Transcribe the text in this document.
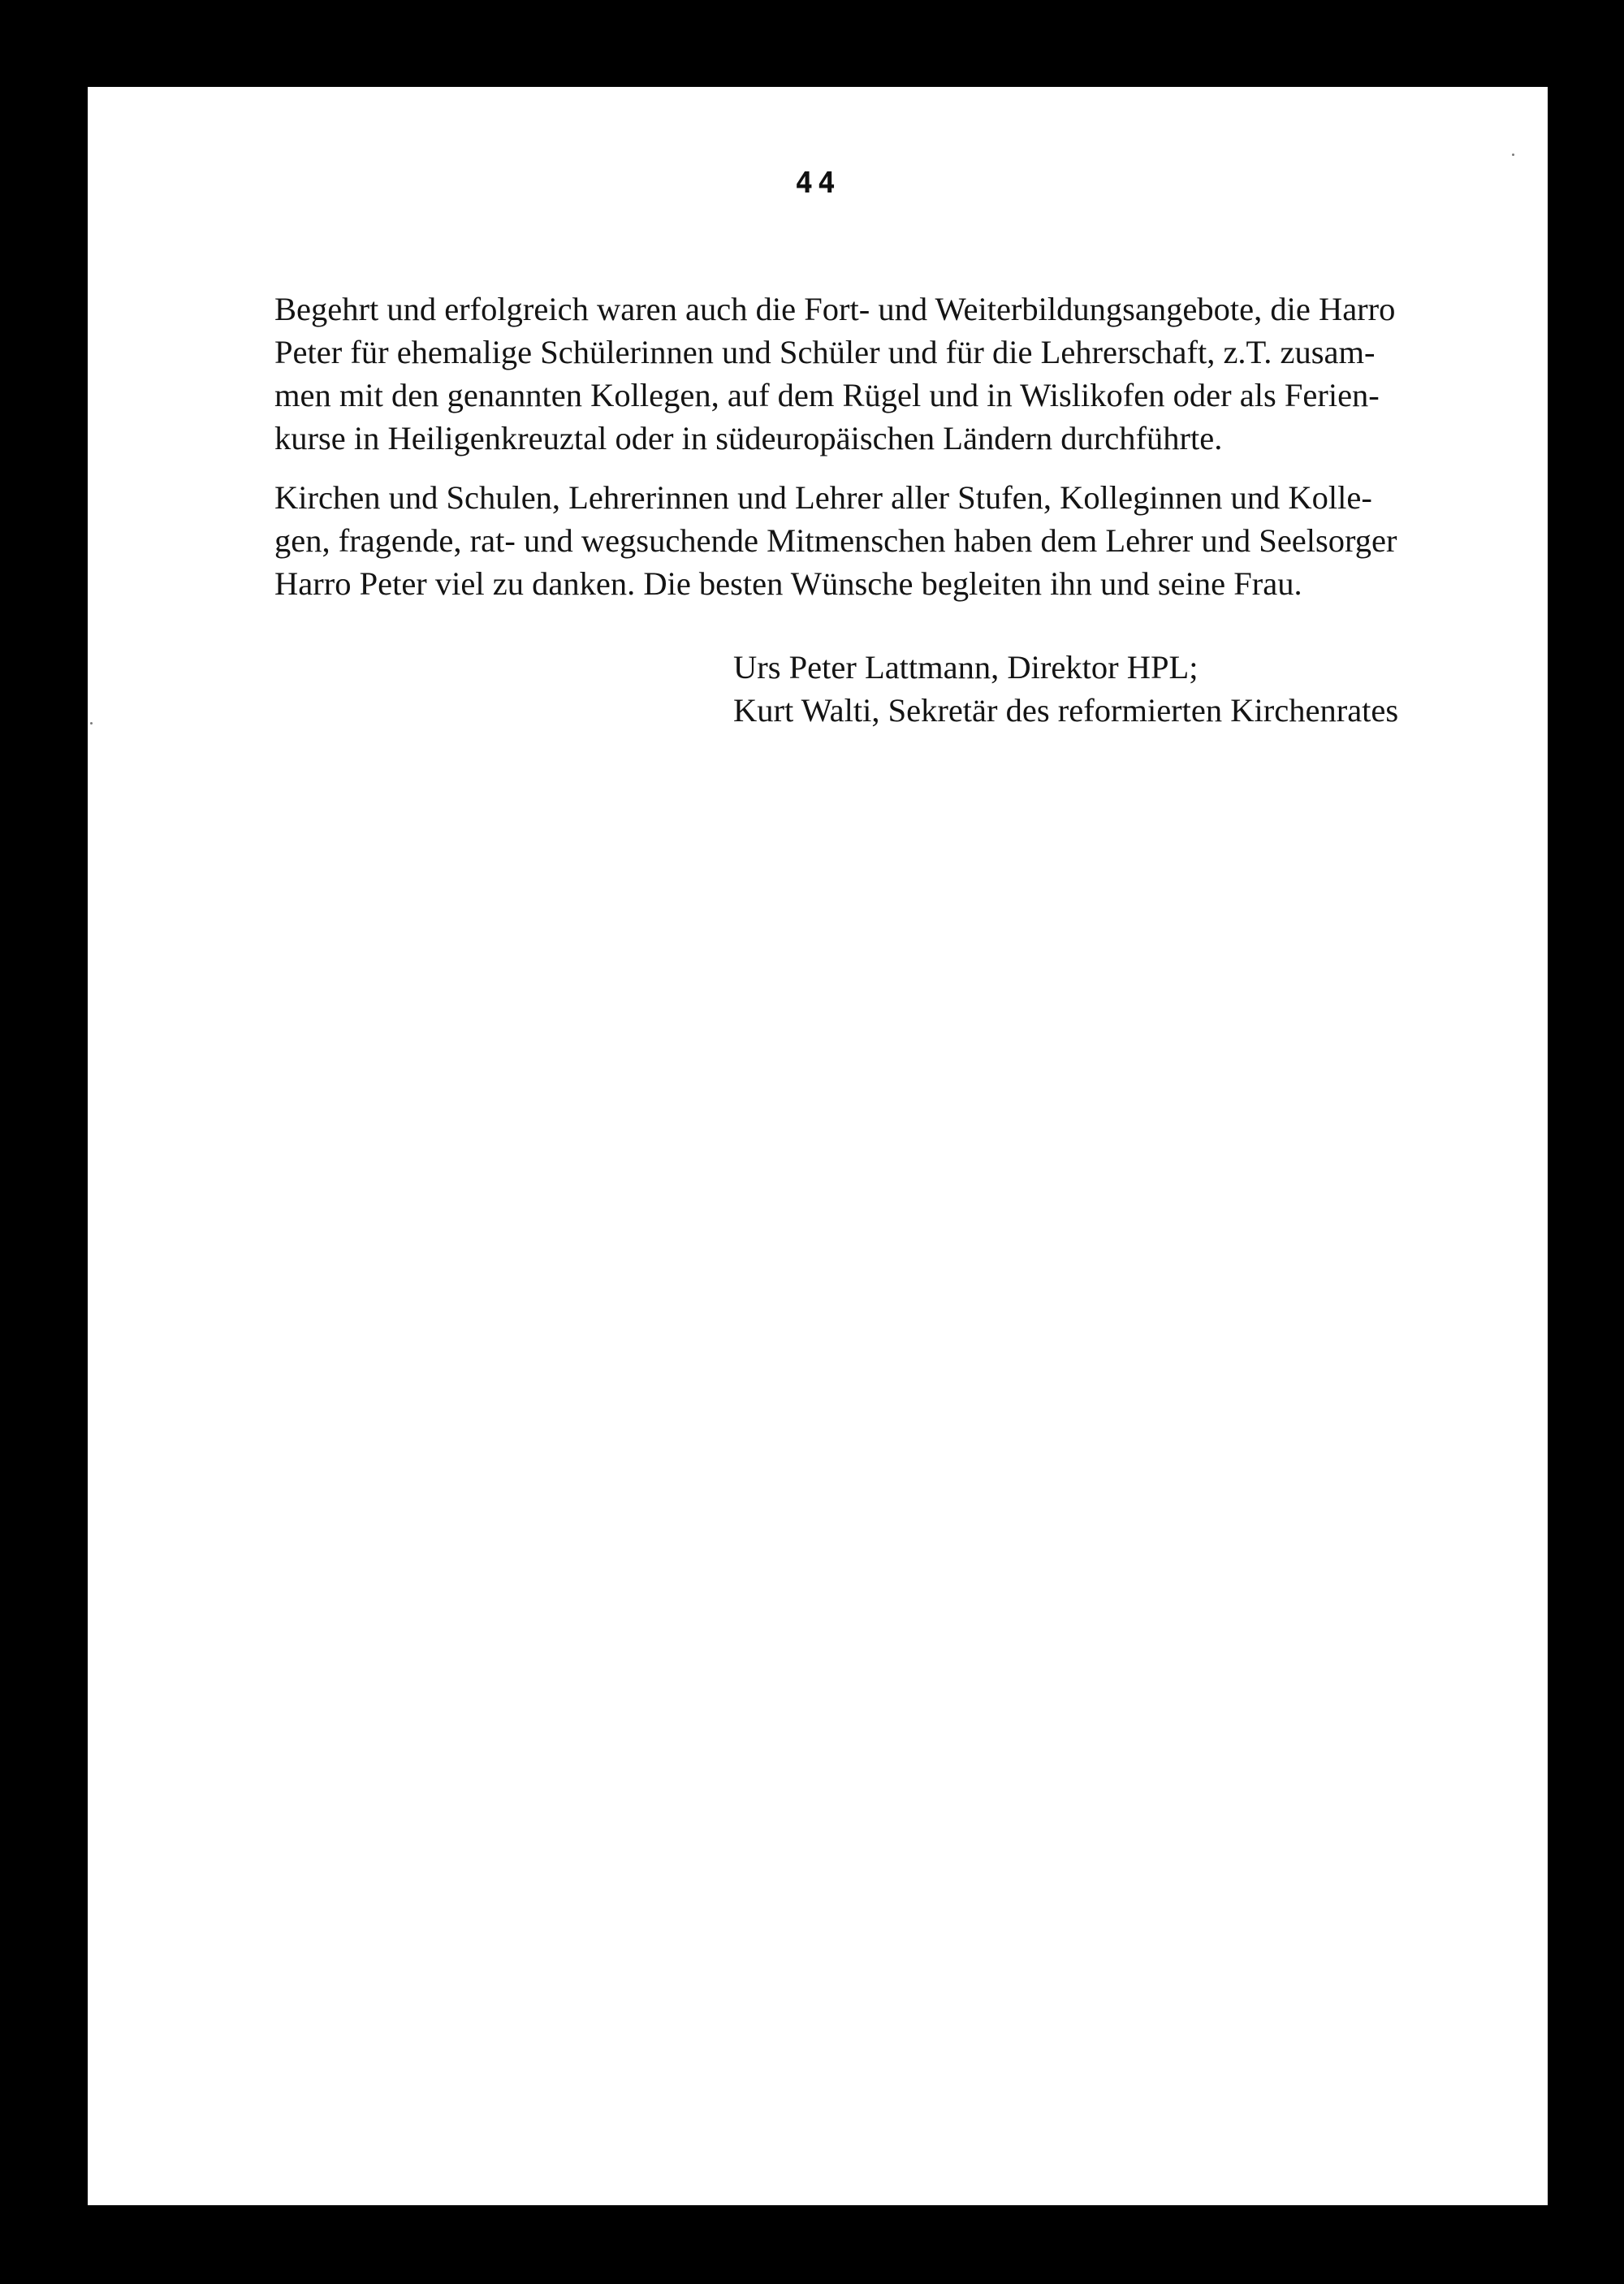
44

Begehrt und erfolgreich waren auch die Fort- und Weiterbildungsangebote, die Harro
Peter für ehemalige Schülerinnen und Schüler und für die Lehrerschaft, z.T. zusam-
men mit den genannten Kollegen, auf dem Rügel und in Wislikofen oder als Ferien-
kurse in Heiligenkreuztal oder in südeuropäischen Ländern durchführte.

Kirchen und Schulen, Lehrerinnen und Lehrer aller Stufen, Kolleginnen und Kolle-
gen, fragende, rat- und wegsuchende Mitmenschen haben dem Lehrer und Seelsorger
Harro Peter viel zu danken. Die besten Wünsche begleiten ihn und seine Frau.

Urs Peter Lattmann, Direktor HPL;
Kurt Walti, Sekretär des reformierten Kirchenrates
